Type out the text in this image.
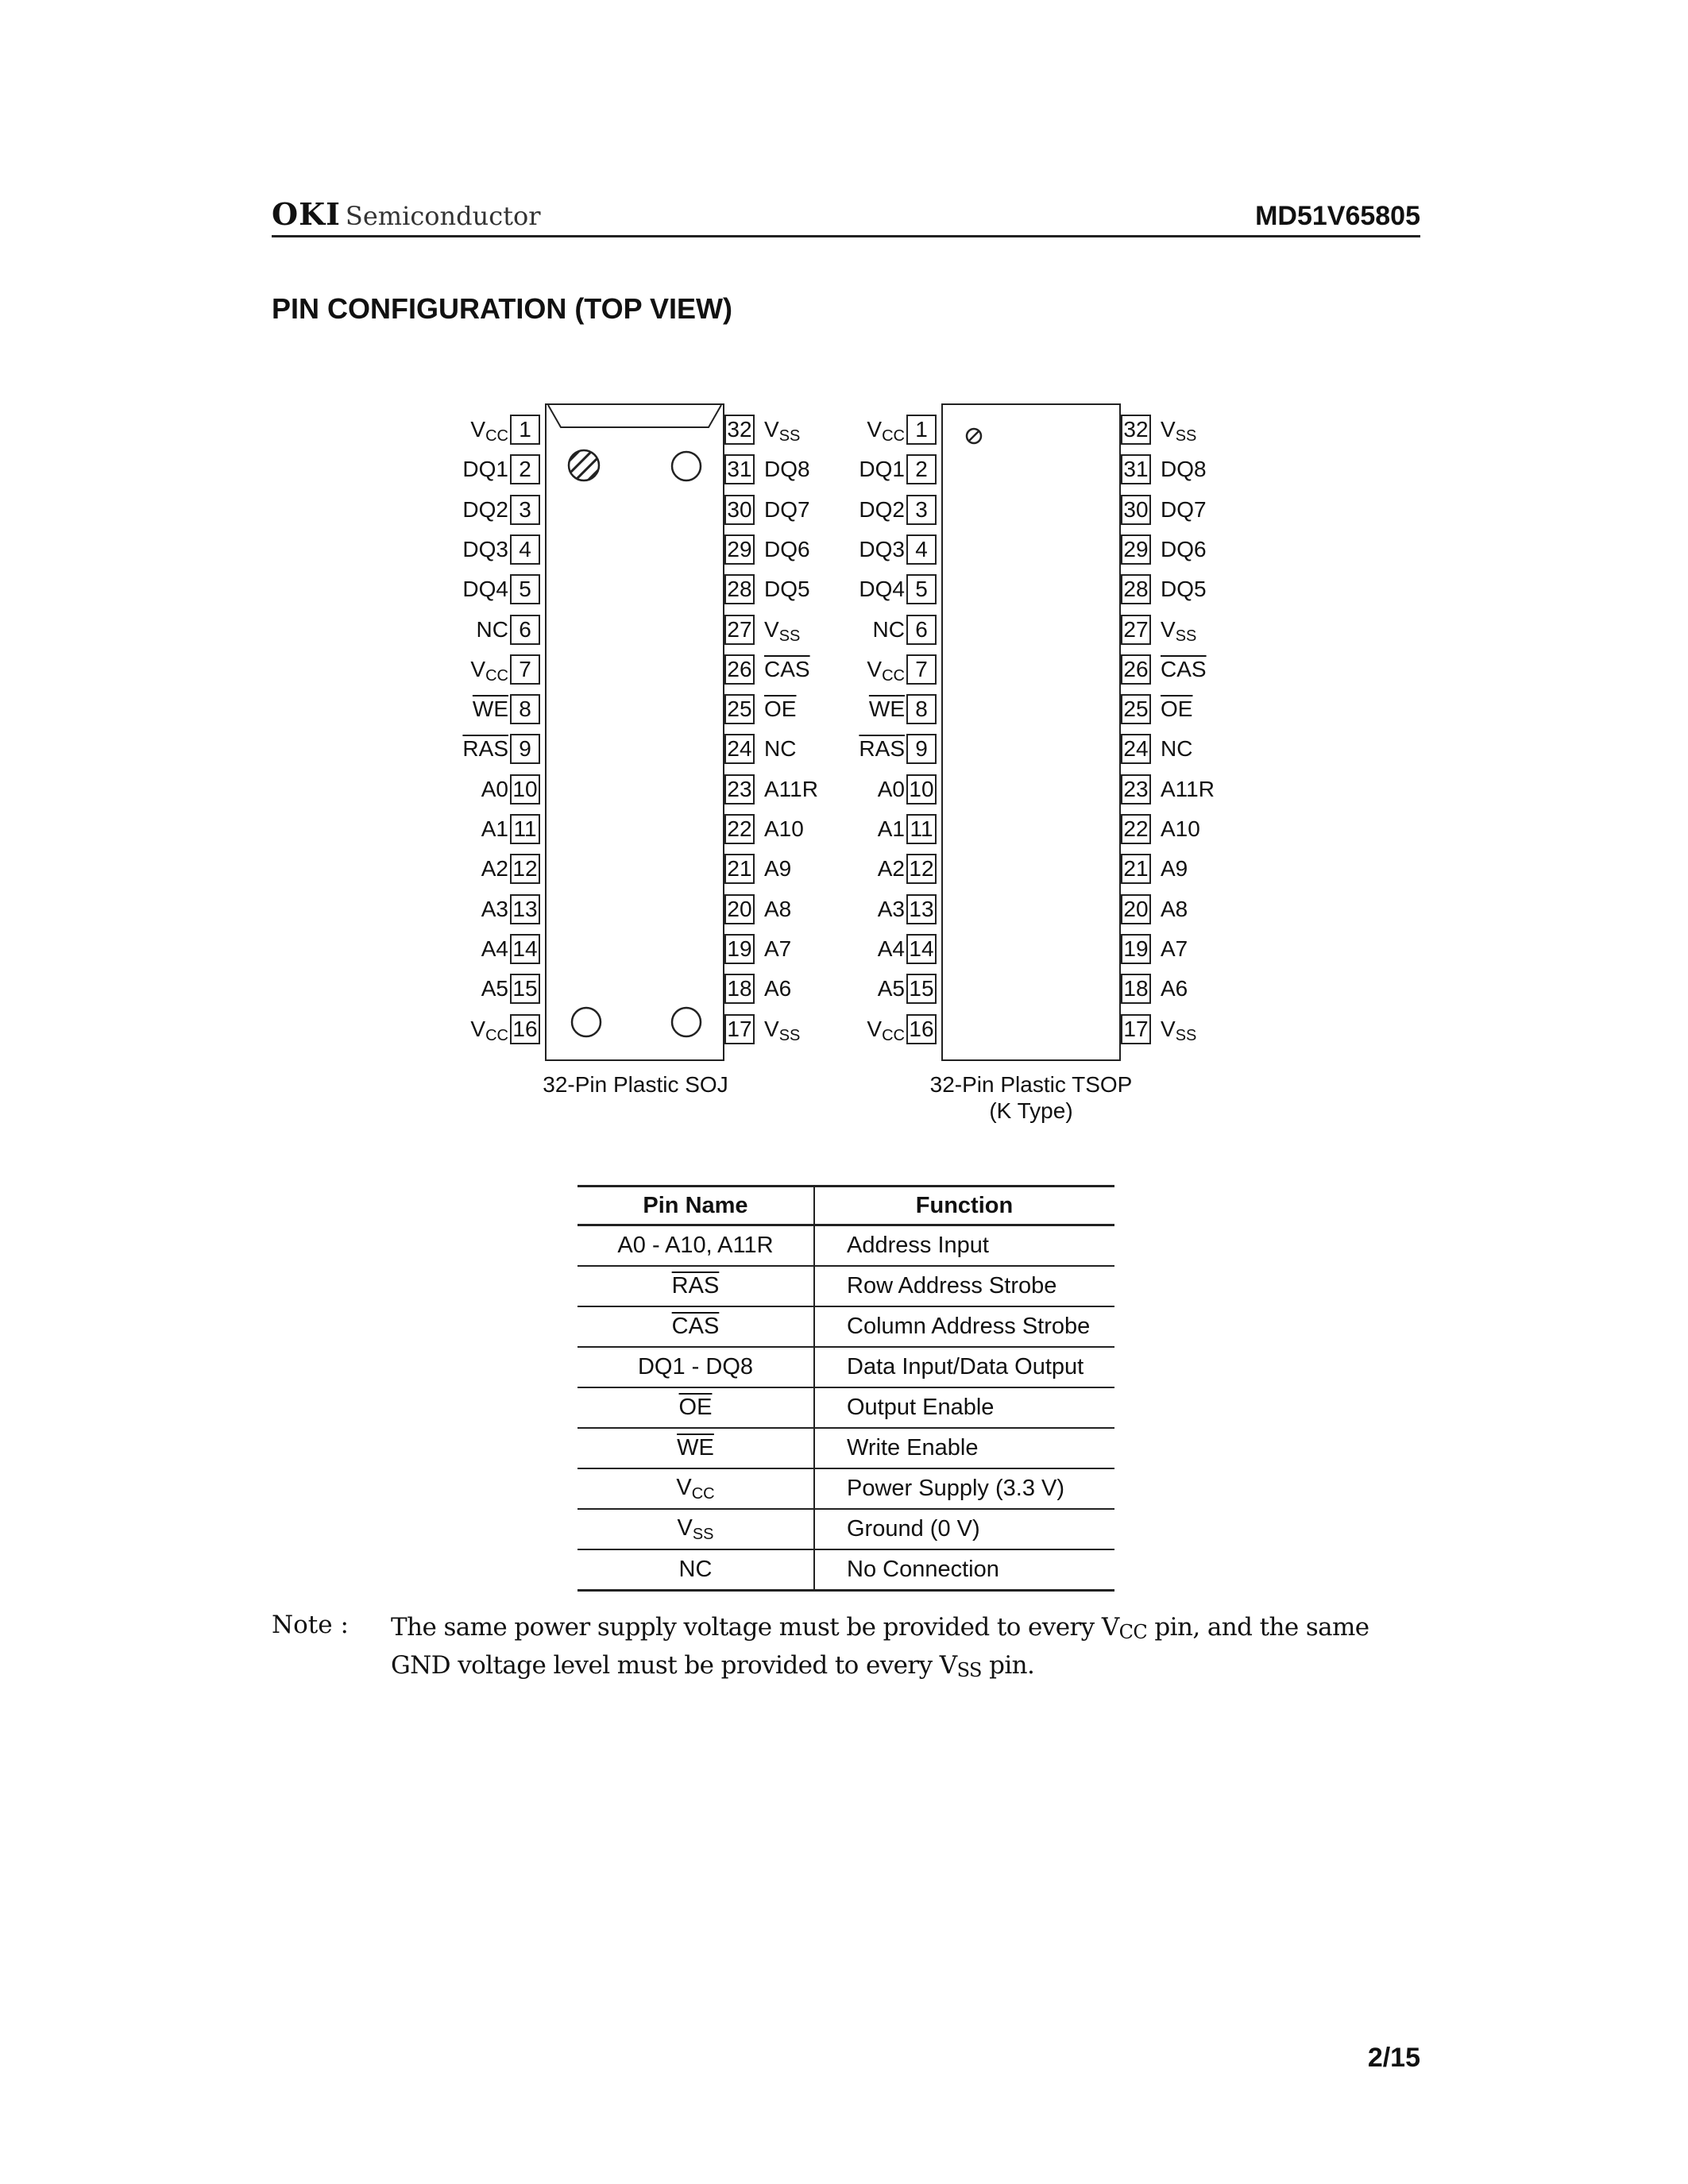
OKI Semiconductor	MD51V65805
PIN CONFIGURATION (TOP VIEW)
32-Pin Plastic SOJ	32-Pin Plastic TSOP
(K Type)
1
$V_{CC}$
2
DQ1
3
DQ2
4
DQ3
5
DQ4
6
NC
7
$V_{CC}$
8
$\overline{WE}$
9
$\overline{RAS}$
10
A0
11
A1
12
A2
13
A3
14
A4
15
A5
16
$V_{CC}$
32 $V_{SS}$
31 DQ8
30 DQ7
29 DQ6
28 DQ5
27 $V_{SS}$
26 $\overline{CAS}$
25 $\overline{OE}$
24 NC
23 A11R
22 A10
21 A9
20 A8
19 A7
18 A6
17 $V_{SS}$
1
$V_{CC}$
2
DQ1
3
DQ2
4
DQ3
5
DQ4
6
NC
7
$V_{CC}$
8
$\overline{WE}$
9
$\overline{RAS}$
10
A0
11
A1
12
A2
13
A3
14
A4
15
A5
16
$V_{CC}$
32 $V_{SS}$
31 DQ8
30 DQ7
29 DQ6
28 DQ5
27 $V_{SS}$
26 $\overline{CAS}$
25 $\overline{OE}$
24 NC
23 A11R
22 A10
21 A9
20 A8
19 A7
18 A6
17 $V_{SS}$
Pin Name	Function
A0 - A10, A11R	Address Input
$\overline{RAS}$	Row Address Strobe
$\overline{CAS}$	Column Address Strobe
DQ1 - DQ8	Data Input/Data Output
$\overline{OE}$	Output Enable
$\overline{WE}$	Write Enable
$V_{CC}$	Power Supply (3.3 V)
$V_{SS}$	Ground (0 V)
NC	No Connection
Note : The same power supply voltage must be provided to every VCC pin, and the same GND voltage level must be provided to every VSS pin.
2/15
